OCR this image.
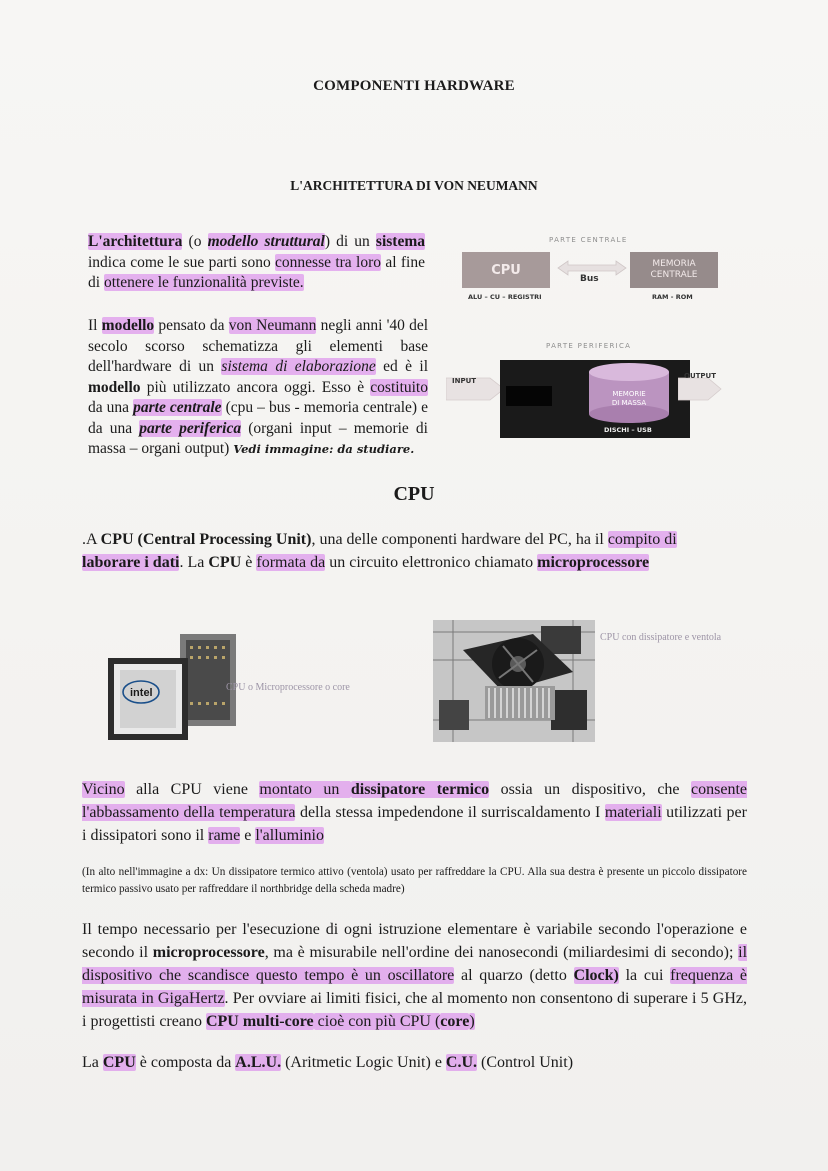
COMPONENTI HARDWARE
L'ARCHITETTURA DI VON NEUMANN
L'architettura (o modello struttural) di un sistema indica come le sue parti sono connesse tra loro al fine di ottenere le funzionalità previste.
Il modello pensato da von Neumann negli anni '40 del secolo scorso schematizza gli elementi base dell'hardware di un sistema di elaborazione ed è il modello più utilizzato ancora oggi. Esso è costituito da una parte centrale (cpu – bus - memoria centrale) e da una parte periferica (organi input – memorie di massa – organi output) Vedi immagine: da studiare.
PARTE CENTRALE
CPU
ALU – CU – REGISTRI
Bus
MEMORIA
CENTRALE
RAM - ROM
PARTE PERIFERICA
INPUT
MEMORIE
DI MASSA
DISCHI – USB
OUTPUT
CPU
.A CPU (Central Processing Unit), una delle componenti hardware del PC, ha il compito di
laborare i dati. La CPU è formata da un circuito elettronico chiamato microprocessore
intel	CPU o Microprocessore o core
CPU con dissipatore e ventola
Vicino alla CPU viene montato un dissipatore termico ossia un dispositivo, che consente l'abbassamento della temperatura della stessa impedendone il surriscaldamento I materiali utilizzati per i dissipatori sono il rame e l'alluminio
(In alto nell'immagine a dx: Un dissipatore termico attivo (ventola) usato per raffreddare la CPU. Alla sua destra è presente un piccolo dissipatore termico passivo usato per raffreddare il northbridge della scheda madre)
Il tempo necessario per l'esecuzione di ogni istruzione elementare è variabile secondo l'operazione e secondo il microprocessore, ma è misurabile nell'ordine dei nanosecondi (miliardesimi di secondo); il dispositivo che scandisce questo tempo è un oscillatore al quarzo (detto Clock) la cui frequenza è misurata in GigaHertz. Per ovviare ai limiti fisici, che al momento non consentono di superare i 5 GHz, i progettisti creano CPU multi-core cioè con più CPU (core)
La CPU è composta da A.L.U. (Aritmetic Logic Unit) e C.U. (Control Unit)
